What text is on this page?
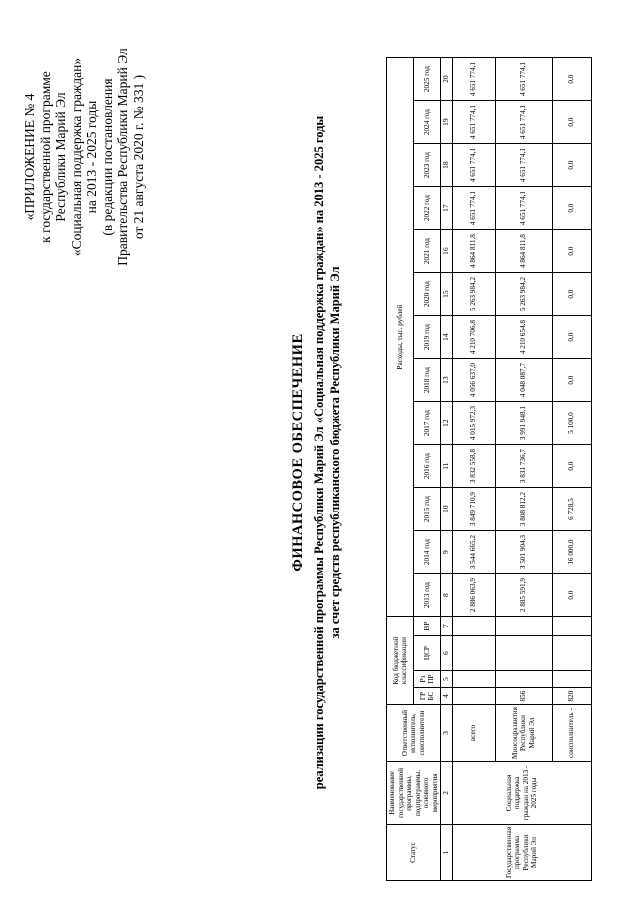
«ПРИЛОЖЕНИЕ № 4 к государственной программе Республики Марий Эл «Социальная поддержка граждан» на 2013 - 2025 годы (в редакции постановления Правительства Республики Марий Эл от 21 августа 2020 г. № 331 )
ФИНАНСОВОЕ ОБЕСПЕЧЕНИЕ реализации государственной программы Республики Марий Эл «Социальная поддержка граждан» на 2013 - 2025 годы за счет средств республиканского бюджета Республики Марий Эл
Статус	Наименование государственной программы, подпрограммы, основного мероприятия	Ответственный исполнитель, соисполнители	Код бюджетной классификации				Расходы, тыс. рублей												
			ГР БС	Рз ПР	ЦСР	ВР	2013 год	2014 год	2015 год	2016 год	2017 год	2018 год	2019 год	2020 год	2021 год	2022 год	2023 год	2024 год	2025 год

1	2	3	4	5	6	7	8	9	10	11	12	13	14	15	16	17	18	19	20
Государственная программа Республики Марий Эл	Социальная поддержка граждан на 2013 - 2025 годы	всего					2 886 063,9	3 544 665,2	3 849 710,9	3 832 558,8	4 015 972,3	4 056 637,0	4 210 706,8	5 263 984,2	4 864 811,8	4 651 774,1	4 651 774,1	4 651 774,1	4 651 774,1
		Минсоцразвития Республики Марий Эл	856				2 885 591,9	3 501 904,3	3 808 812,2	3 831 736,7	3 991 948,1	4 048 087,7	4 210 654,8	5 263 984,2	4 864 811,8	4 651 774,1	4 651 774,1	4 651 774,1	4 651 774,1
		соисполнитель -	820				0,0	16 000,0	6 728,5	0,0	5 100,0	0,0	0,0	0,0	0,0	0,0	0,0	0,0	0,0
